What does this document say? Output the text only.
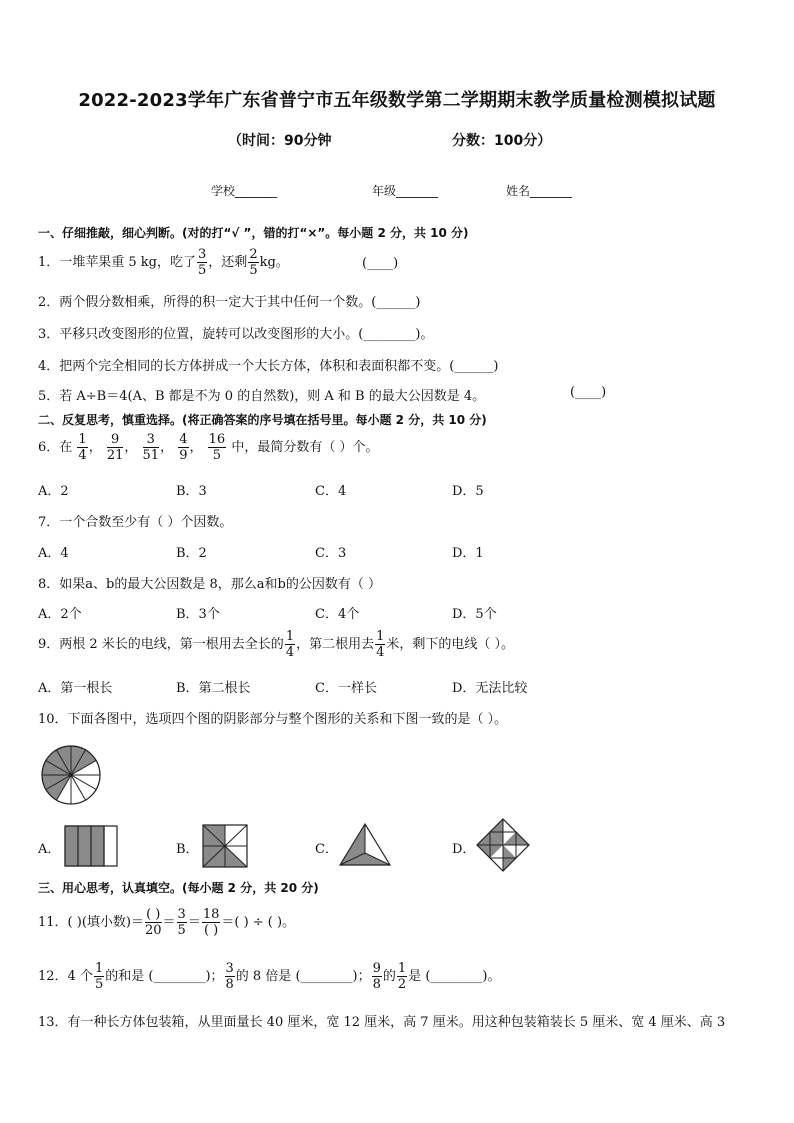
2022-2023学年广东省普宁市五年级数学第二学期期末教学质量检测模拟试题
（时间：90分钟	分数：100分）
学校_______	年级_______	姓名_______
一、仔细推敲，细心判断。(对的打“√ ”，错的打“×”。每小题 2 分，共 10 分)
1．一堆苹果重 5 kg，吃了 $\frac{3}{5}$ ，还剩 $\frac{2}{5}$ kg。	(____)
2．两个假分数相乘，所得的积一定大于其中任何一个数。(______)
3．平移只改变图形的位置，旋转可以改变图形的大小。(________)。
4．把两个完全相同的长方体拼成一个大长方体，体积和表面积都不变。(______)
5．若 A÷B＝4(A、B 都是不为 0 的自然数)，则 A 和 B 的最大公因数是 4。	(____)
二、反复思考，慎重选择。(将正确答案的序号填在括号里。每小题 2 分，共 10 分)
6．在 $\frac{1}{4}$ ， $\frac{9}{21}$ ， $\frac{3}{51}$ ， $\frac{4}{9}$ ， $\frac{16}{5}$ 中，最简分数有（ ）个。
A．2	B．3	C．4	D．5
7．一个合数至少有（ ）个因数。
A．4	B．2	C．3	D．1
8．如果a、b的最大公因数是 8，那么a和b的公因数有（ ）
A．2个	B．3个	C．4个	D．5个
9．两根 2 米长的电线，第一根用去全长的 $\frac{1}{4}$ ，第二根用去 $\frac{1}{4}$ 米，剩下的电线（ ）。
A．第一根长	B．第二根长	C．一样长	D．无法比较
10．下面各图中，选项四个图的阴影部分与整个图形的关系和下图一致的是（ ）。
A．	B．	C．	D．
三、用心思考，认真填空。(每小题 2 分，共 20 分)
11．( )(填小数)＝ $\frac{( )}{20} = \frac{3}{5} = \frac{18}{( )}$ ＝( ) ÷ ( )。
12．4 个 $\frac{1}{5}$ 的和是 (________)； $\frac{3}{8}$ 的 8 倍是 (________)； $\frac{9}{8}$ 的 $\frac{1}{2}$ 是 (________)。
13．有一种长方体包装箱，从里面量长 40 厘米，宽 12 厘米，高 7 厘米。用这种包装箱装长 5 厘米、宽 4 厘米、高 3
